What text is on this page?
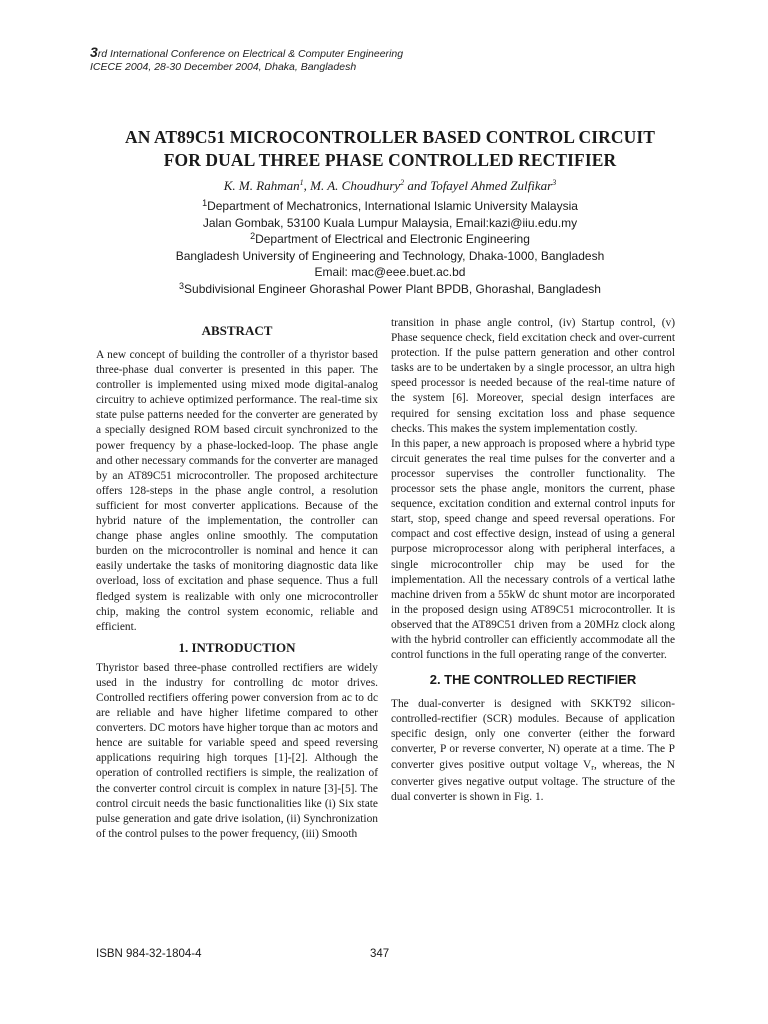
3rd International Conference on Electrical & Computer Engineering
ICECE 2004, 28-30 December 2004, Dhaka, Bangladesh
AN AT89C51 MICROCONTROLLER BASED CONTROL CIRCUIT
FOR DUAL THREE PHASE CONTROLLED RECTIFIER
K. M. Rahman$^1$, M. A. Choudhury$^2$ and Tofayel Ahmed Zulfikar$^3$
$^1$Department of Mechatronics, International Islamic University Malaysia
Jalan Gombak, 53100 Kuala Lumpur Malaysia, Email:kazi@iiu.edu.my
$^2$Department of Electrical and Electronic Engineering
Bangladesh University of Engineering and Technology, Dhaka-1000, Bangladesh
Email: mac@eee.buet.ac.bd
$^3$Subdivisional Engineer Ghorashal Power Plant BPDB, Ghorashal, Bangladesh
ABSTRACT

A new concept of building the controller of a thyristor based three-phase dual converter is presented in this paper. The controller is implemented using mixed mode digital-analog circuitry to achieve optimized performance. The real-time six state pulse patterns needed for the converter are generated by a specially designed ROM based circuit synchronized to the power frequency by a phase-locked-loop. The phase angle and other necessary commands for the converter are managed by an AT89C51 microcontroller. The proposed architecture offers 128-steps in the phase angle control, a resolution sufficient for most converter applications. Because of the hybrid nature of the implementation, the controller can change phase angles online smoothly. The computation burden on the microcontroller is nominal and hence it can easily undertake the tasks of monitoring diagnostic data like overload, loss of excitation and phase sequence. Thus a full fledged system is realizable with only one microcontroller chip, making the control system economic, reliable and efficient.

1. INTRODUCTION

Thyristor based three-phase controlled rectifiers are widely used in the industry for controlling dc motor drives. Controlled rectifiers offering power conversion from ac to dc are reliable and have higher lifetime compared to other converters. DC motors have higher torque than ac motors and hence are suitable for variable speed and speed reversing applications requiring high torques [1]-[2]. Although the operation of controlled rectifiers is simple, the realization of the converter control circuit is complex in nature [3]-[5]. The control circuit needs the basic functionalities like (i) Six state pulse generation and gate drive isolation, (ii) Synchronization of the control pulses to the power frequency, (iii) Smooth

transition in phase angle control, (iv) Startup control, (v) Phase sequence check, field excitation check and over-current protection. If the pulse pattern generation and other control tasks are to be undertaken by a single processor, an ultra high speed processor is needed because of the real-time nature of the system [6]. Moreover, special design interfaces are required for sensing excitation loss and phase sequence checks. This makes the system implementation costly.

In this paper, a new approach is proposed where a hybrid type circuit generates the real time pulses for the converter and a processor supervises the controller functionality. The processor sets the phase angle, monitors the current, phase sequence, excitation condition and external control inputs for start, stop, speed change and speed reversal operations. For compact and cost effective design, instead of using a general purpose microprocessor along with peripheral interfaces, a single microcontroller chip may be used for the implementation. All the necessary controls of a vertical lathe machine driven from a 55kW dc shunt motor are incorporated in the proposed design using AT89C51 microcontroller. It is observed that the AT89C51 driven from a 20MHz clock along with the hybrid controller can efficiently accommodate all the control functions in the full operating range of the converter.

2. THE CONTROLLED RECTIFIER

The dual-converter is designed with SKKT92 silicon-controlled-rectifier (SCR) modules. Because of application specific design, only one converter (either the forward converter, P or reverse converter, N) operate at a time. The P converter gives positive output voltage $V_r$, whereas, the N converter gives negative output voltage. The structure of the dual converter is shown in Fig. 1.

ISBN 984-32-1804-4	347
